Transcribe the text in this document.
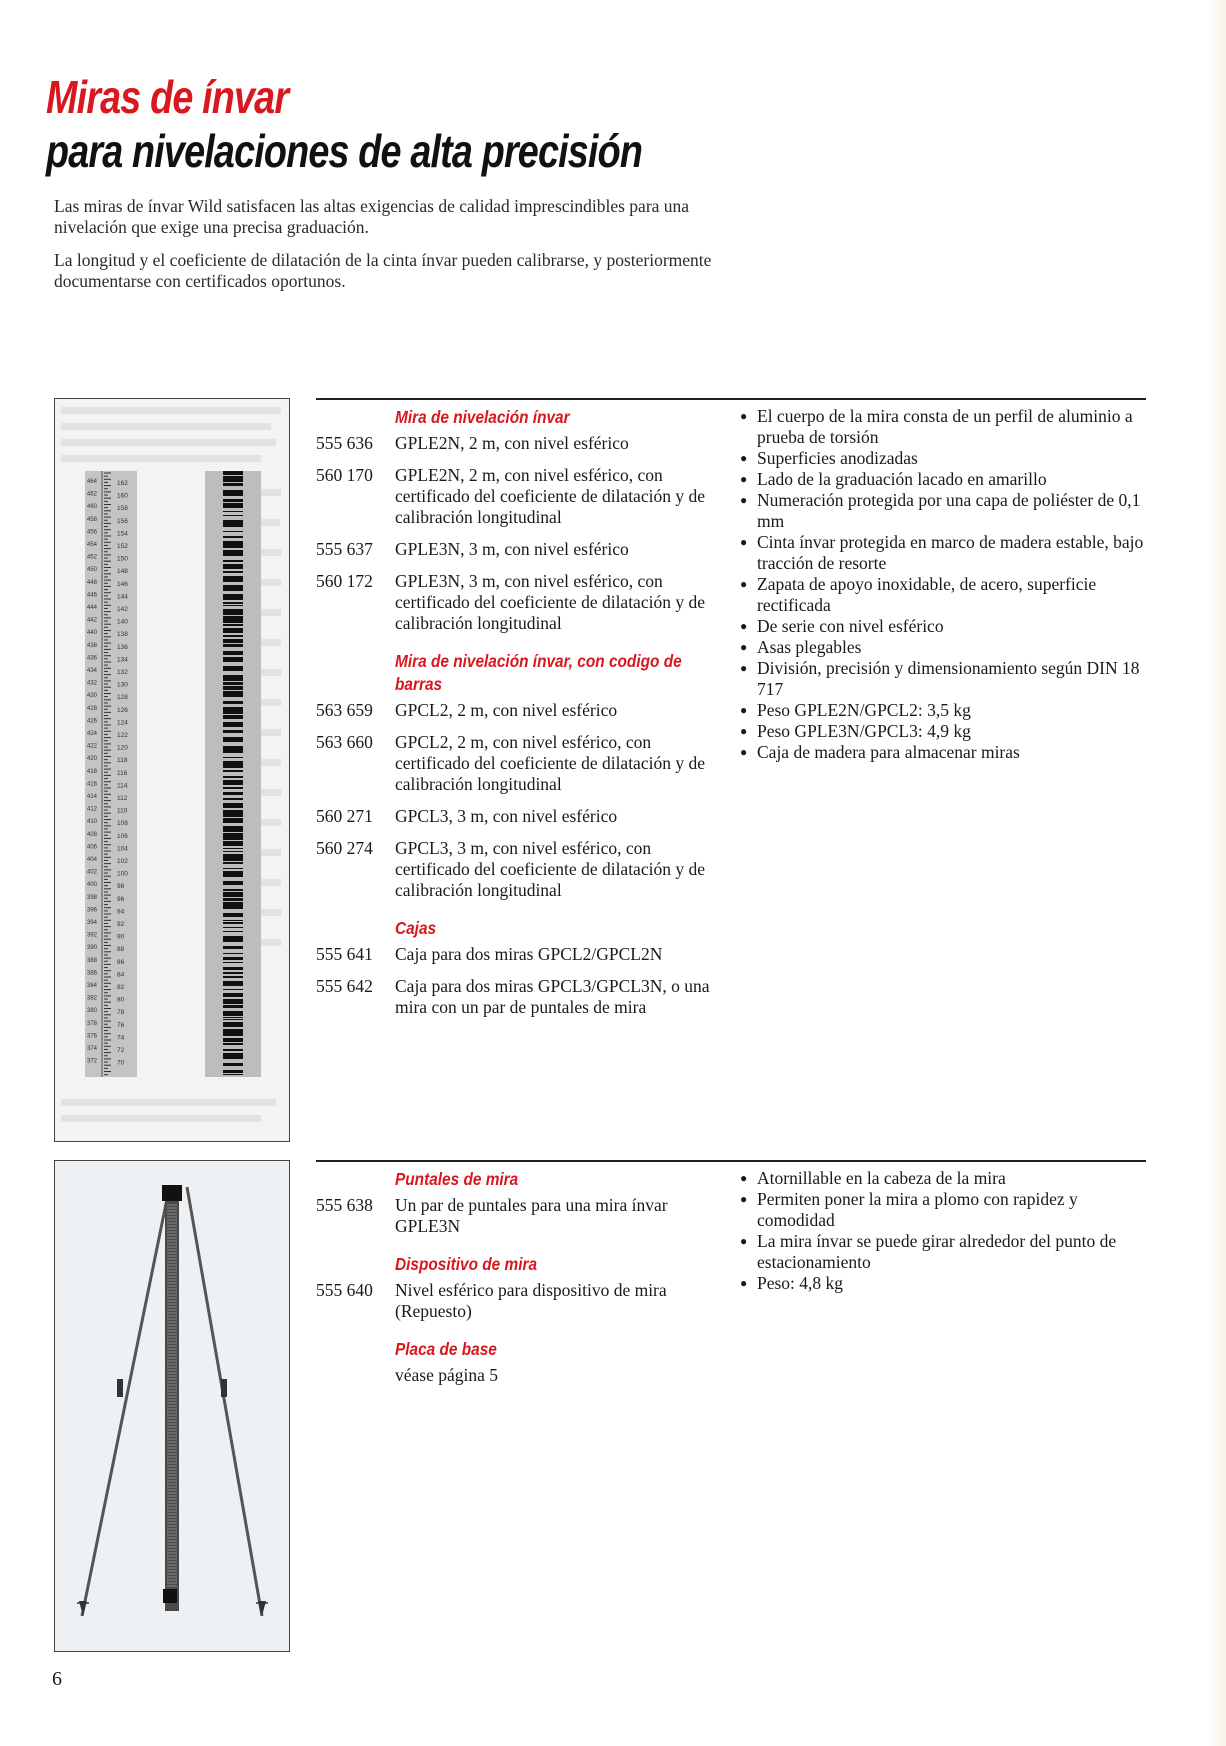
Miras de ínvar
para nivelaciones de alta precisión

Las miras de ínvar Wild satisfacen las altas exigencias de calidad imprescindibles para una nivelación que exige una precisa graduación.

La longitud y el coeficiente de dilatación de la cinta ínvar pueden calibrarse, y posteriormente documentarse con certificados oportunos.

464
462
460
458
456
454
452
450
448
446
444
442
440
438
436
434
432
430
428
426
424
422
420
418
416
414
412
410
408
406
404
402
400
398
396
394
392
390
388
386
384
382
380
378
376
374
372
162
160
158
156
154
152
150
148
146
144
142
140
138
136
134
132
130
128
126
124
122
120
118
116
114
112
110
108
106
104
102
100
98
96
94
92
90
88
86
84
82
80
78
76
74
72
70
Mira de nivelación ínvar
555 636	GPLE2N, 2 m, con nivel esférico
560 170	GPLE2N, 2 m, con nivel esférico, con certificado del coeficiente de dilatación y de calibración longitudinal
555 637	GPLE3N, 3 m, con nivel esférico
560 172	GPLE3N, 3 m, con nivel esférico, con certificado del coeficiente de dilatación y de calibración longitudinal
Mira de nivelación ínvar, con codigo de barras
563 659	GPCL2, 2 m, con nivel esférico
563 660	GPCL2, 2 m, con nivel esférico, con certificado del coeficiente de dilatación y de calibración longitudinal
560 271	GPCL3, 3 m, con nivel esférico
560 274	GPCL3, 3 m, con nivel esférico, con certificado del coeficiente de dilatación y de calibración longitudinal
Cajas
555 641	Caja para dos miras GPCL2/GPCL2N
555 642	Caja para dos miras GPCL3/GPCL3N, o una mira con un par de puntales de mira
● El cuerpo de la mira consta de un perfil de aluminio a prueba de torsión
● Superficies anodizadas
● Lado de la graduación lacado en amarillo
● Numeración protegida por una capa de poliéster de 0,1 mm
● Cinta ínvar protegida en marco de madera estable, bajo tracción de resorte
● Zapata de apoyo inoxidable, de acero, superficie rectificada
● De serie con nivel esférico
● Asas plegables
● División, precisión y dimensionamiento según DIN 18 717
● Peso GPLE2N/GPCL2: 3,5 kg
● Peso GPLE3N/GPCL3: 4,9 kg
● Caja de madera para almacenar miras
Puntales de mira
555 638	Un par de puntales para una mira ínvar GPLE3N
Dispositivo de mira
555 640	Nivel esférico para dispositivo de mira (Repuesto)
Placa de base
véase página 5
● Atornillable en la cabeza de la mira
● Permiten poner la mira a plomo con rapidez y comodidad
● La mira ínvar se puede girar alrededor del punto de estacionamiento
● Peso: 4,8 kg
6
